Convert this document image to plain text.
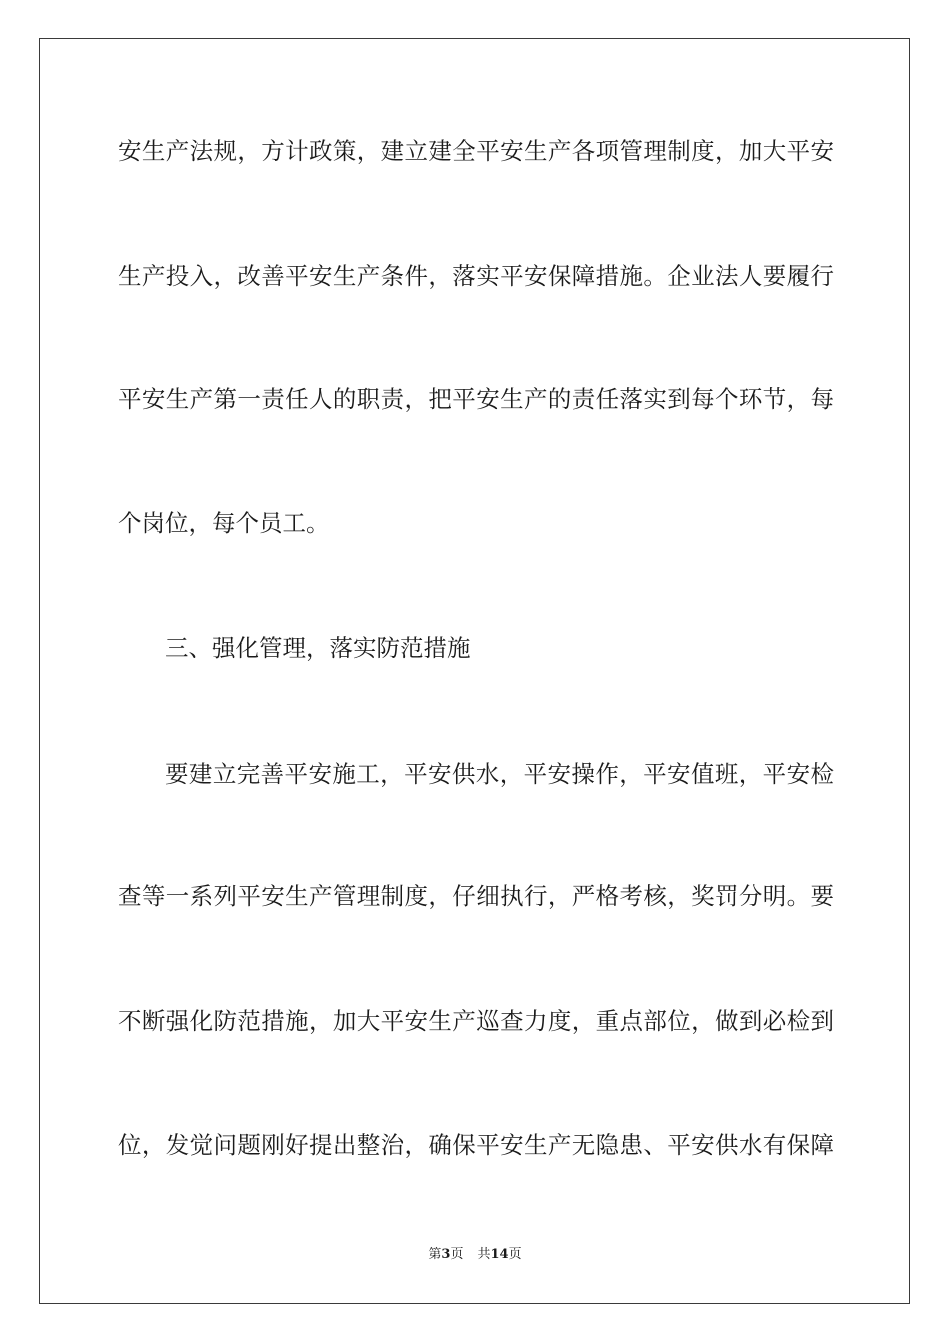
安生产法规，方计政策，建立建全平安生产各项管理制度，加大平安
生产投入，改善平安生产条件，落实平安保障措施。企业法人要履行
平安生产第一责任人的职责，把平安生产的责任落实到每个环节，每
个岗位，每个员工。
三、强化管理，落实防范措施
要建立完善平安施工，平安供水，平安操作，平安值班，平安检
查等一系列平安生产管理制度，仔细执行，严格考核，奖罚分明。要
不断强化防范措施，加大平安生产巡查力度，重点部位，做到必检到
位，发觉问题刚好提出整治，确保平安生产无隐患、平安供水有保障
第3页 共14页
